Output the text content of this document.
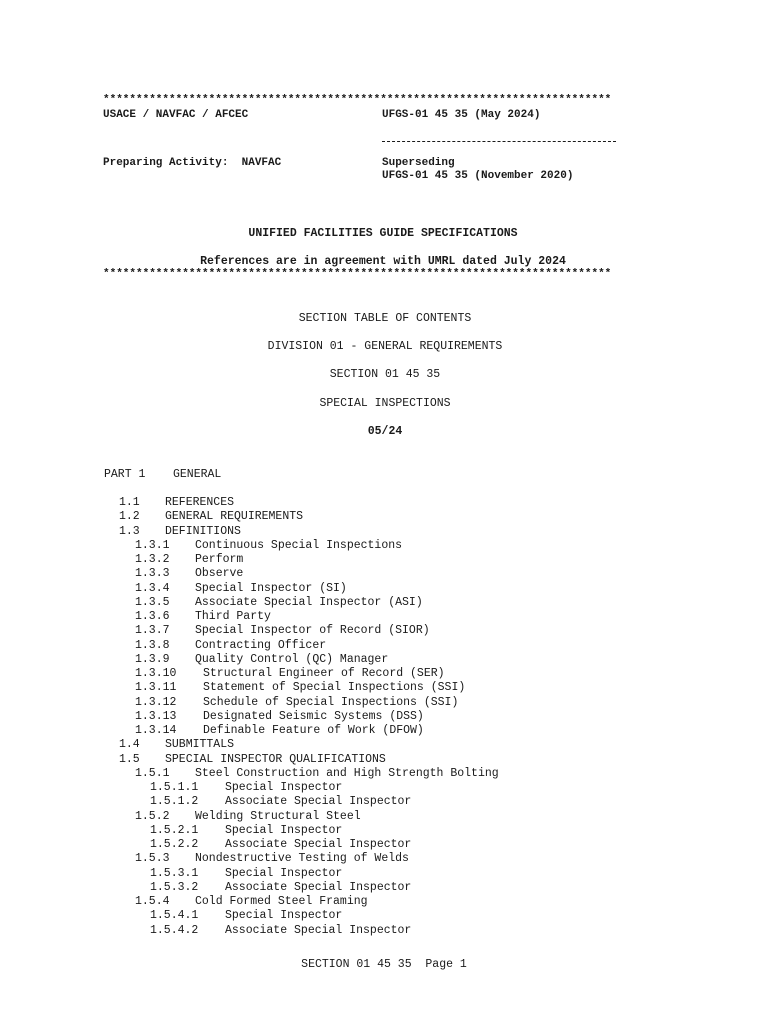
*****************************************************************************
USACE / NAVFAC / AFCEC	UFGS-01 45 35 (May 2024)
Preparing Activity:  NAVFAC	Superseding
UFGS-01 45 35 (November 2020)
UNIFIED FACILITIES GUIDE SPECIFICATIONS
References are in agreement with UMRL dated July 2024
*****************************************************************************
SECTION TABLE OF CONTENTS
DIVISION 01 - GENERAL REQUIREMENTS
SECTION 01 45 35
SPECIAL INSPECTIONS
05/24
PART 1 GENERAL
1.1 REFERENCES
1.2 GENERAL REQUIREMENTS
1.3 DEFINITIONS
1.3.1 Continuous Special Inspections
1.3.2 Perform
1.3.3 Observe
1.3.4 Special Inspector (SI)
1.3.5 Associate Special Inspector (ASI)
1.3.6 Third Party
1.3.7 Special Inspector of Record (SIOR)
1.3.8 Contracting Officer
1.3.9 Quality Control (QC) Manager
1.3.10 Structural Engineer of Record (SER)
1.3.11 Statement of Special Inspections (SSI)
1.3.12 Schedule of Special Inspections (SSI)
1.3.13 Designated Seismic Systems (DSS)
1.3.14 Definable Feature of Work (DFOW)
1.4 SUBMITTALS
1.5 SPECIAL INSPECTOR QUALIFICATIONS
1.5.1 Steel Construction and High Strength Bolting
1.5.1.1 Special Inspector
1.5.1.2 Associate Special Inspector
1.5.2 Welding Structural Steel
1.5.2.1 Special Inspector
1.5.2.2 Associate Special Inspector
1.5.3 Nondestructive Testing of Welds
1.5.3.1 Special Inspector
1.5.3.2 Associate Special Inspector
1.5.4 Cold Formed Steel Framing
1.5.4.1 Special Inspector
1.5.4.2 Associate Special Inspector
SECTION 01 45 35  Page 1
